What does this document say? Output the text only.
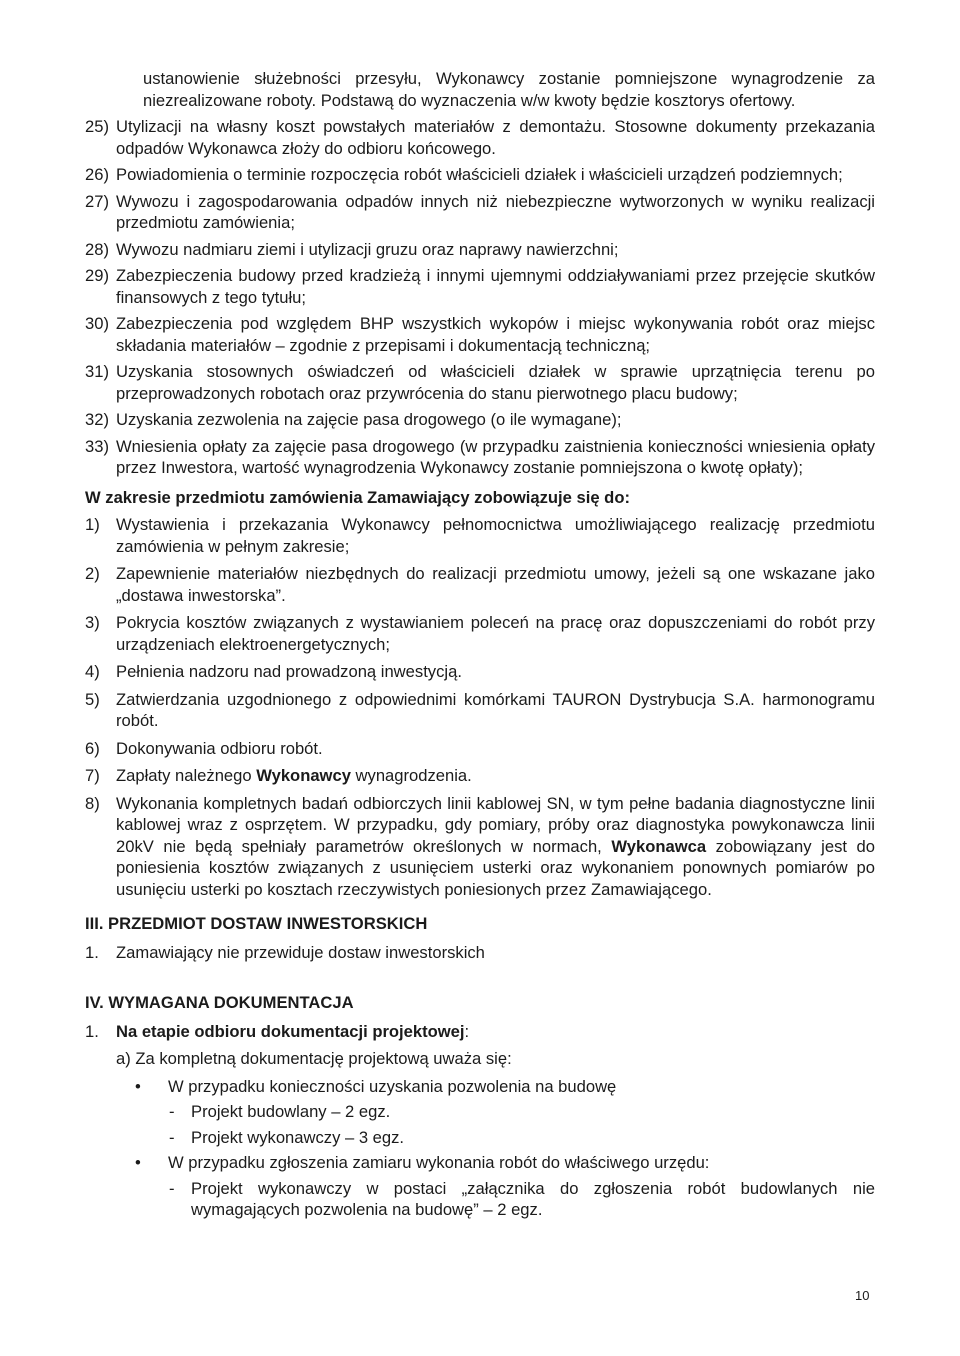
ustanowienie służebności przesyłu, Wykonawcy zostanie pomniejszone wynagrodzenie za niezrealizowane roboty. Podstawą do wyznaczenia w/w kwoty będzie kosztorys ofertowy.
25) Utylizacji na własny koszt powstałych materiałów z demontażu. Stosowne dokumenty przekazania odpadów Wykonawca złoży do odbioru końcowego.
26) Powiadomienia o terminie rozpoczęcia robót właścicieli działek i właścicieli urządzeń podziemnych;
27) Wywozu i zagospodarowania odpadów innych niż niebezpieczne wytworzonych w wyniku realizacji przedmiotu zamówienia;
28) Wywozu nadmiaru ziemi i utylizacji gruzu oraz naprawy nawierzchni;
29) Zabezpieczenia budowy przed kradzieżą i innymi ujemnymi oddziaływaniami przez przejęcie skutków finansowych z tego tytułu;
30) Zabezpieczenia pod względem BHP wszystkich wykopów i miejsc wykonywania robót oraz miejsc składania materiałów – zgodnie z przepisami i dokumentacją techniczną;
31) Uzyskania stosownych oświadczeń od właścicieli działek w sprawie uprzątnięcia terenu po przeprowadzonych robotach oraz przywrócenia do stanu pierwotnego placu budowy;
32) Uzyskania zezwolenia na zajęcie pasa drogowego (o ile wymagane);
33) Wniesienia opłaty za zajęcie pasa drogowego (w przypadku zaistnienia konieczności wniesienia opłaty przez Inwestora, wartość wynagrodzenia Wykonawcy zostanie pomniejszona o kwotę opłaty);
W zakresie przedmiotu zamówienia Zamawiający zobowiązuje się do:
1) Wystawienia i przekazania Wykonawcy pełnomocnictwa umożliwiającego realizację przedmiotu zamówienia w pełnym zakresie;
2) Zapewnienie materiałów niezbędnych do realizacji przedmiotu umowy, jeżeli są one wskazane jako „dostawa inwestorska”.
3) Pokrycia kosztów związanych z wystawianiem poleceń na pracę oraz dopuszczeniami do robót przy urządzeniach elektroenergetycznych;
4) Pełnienia nadzoru nad prowadzoną inwestycją.
5) Zatwierdzania uzgodnionego z odpowiednimi komórkami TAURON Dystrybucja S.A. harmonogramu robót.
6) Dokonywania odbioru robót.
7) Zapłaty należnego Wykonawcy wynagrodzenia.
8) Wykonania kompletnych badań odbiorczych linii kablowej SN, w tym pełne badania diagnostyczne linii kablowej wraz z osprzętem. W przypadku, gdy pomiary, próby oraz diagnostyka powykonawcza linii 20kV nie będą spełniały parametrów określonych w normach, Wykonawca zobowiązany jest do poniesienia kosztów związanych z usunięciem usterki oraz wykonaniem ponownych pomiarów po usunięciu usterki po kosztach rzeczywistych poniesionych przez Zamawiającego.
III. PRZEDMIOT DOSTAW INWESTORSKICH
1.	Zamawiający nie przewiduje dostaw inwestorskich
IV. WYMAGANA DOKUMENTACJA
1.	Na etapie odbioru dokumentacji projektowej:
a) Za kompletną dokumentację projektową uważa się:
•	W przypadku konieczności uzyskania pozwolenia na budowę
- Projekt budowlany – 2 egz.
- Projekt wykonawczy – 3 egz.
•	W przypadku zgłoszenia zamiaru wykonania robót do właściwego urzędu:
- Projekt wykonawczy w postaci „załącznika do zgłoszenia robót budowlanych nie wymagających pozwolenia na budowę” – 2 egz.
10
